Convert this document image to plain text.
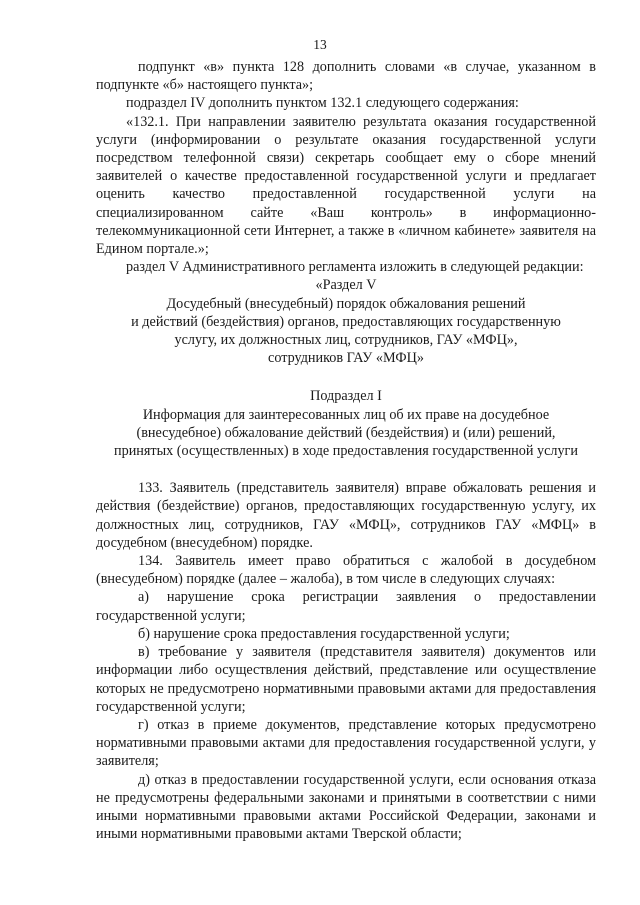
13

подпункт «в» пункта 128 дополнить словами «в случае, указанном в подпункте «б» настоящего пункта»;

подраздел IV дополнить пунктом 132.1 следующего содержания:

«132.1. При направлении заявителю результата оказания государственной услуги (информировании о результате оказания государственной услуги посредством телефонной связи) секретарь сообщает ему о сборе мнений заявителей о качестве предоставленной государственной услуги и предлагает оценить качество предоставленной государственной услуги на специализированном сайте «Ваш контроль» в информационно-телекоммуникационной сети Интернет, а также в «личном кабинете» заявителя на Едином портале.»;

раздел V Административного регламента изложить в следующей редакции:

«Раздел V

Досудебный (внесудебный) порядок обжалования решений

и действий (бездействия) органов, предоставляющих государственную

услугу, их должностных лиц, сотрудников, ГАУ «МФЦ»,

сотрудников ГАУ «МФЦ»

Подраздел I

Информация для заинтересованных лиц об их праве на досудебное

(внесудебное) обжалование действий (бездействия) и (или) решений,

принятых (осуществленных) в ходе предоставления государственной услуги

133. Заявитель (представитель заявителя) вправе обжаловать решения и действия (бездействие) органов, предоставляющих государственную услугу, их должностных лиц, сотрудников, ГАУ «МФЦ», сотрудников ГАУ «МФЦ» в досудебном (внесудебном) порядке.

134. Заявитель имеет право обратиться с жалобой в досудебном (внесудебном) порядке (далее – жалоба), в том числе в следующих случаях:

а) нарушение срока регистрации заявления о предоставлении государственной услуги;

б) нарушение срока предоставления государственной услуги;

в) требование у заявителя (представителя заявителя) документов или информации либо осуществления действий, представление или осуществление которых не предусмотрено нормативными правовыми актами для предоставления государственной услуги;

г) отказ в приеме документов, представление которых предусмотрено нормативными правовыми актами для предоставления государственной услуги, у заявителя;

д) отказ в предоставлении государственной услуги, если основания отказа не предусмотрены федеральными законами и принятыми в соответствии с ними иными нормативными правовыми актами Российской Федерации, законами и иными нормативными правовыми актами Тверской области;
